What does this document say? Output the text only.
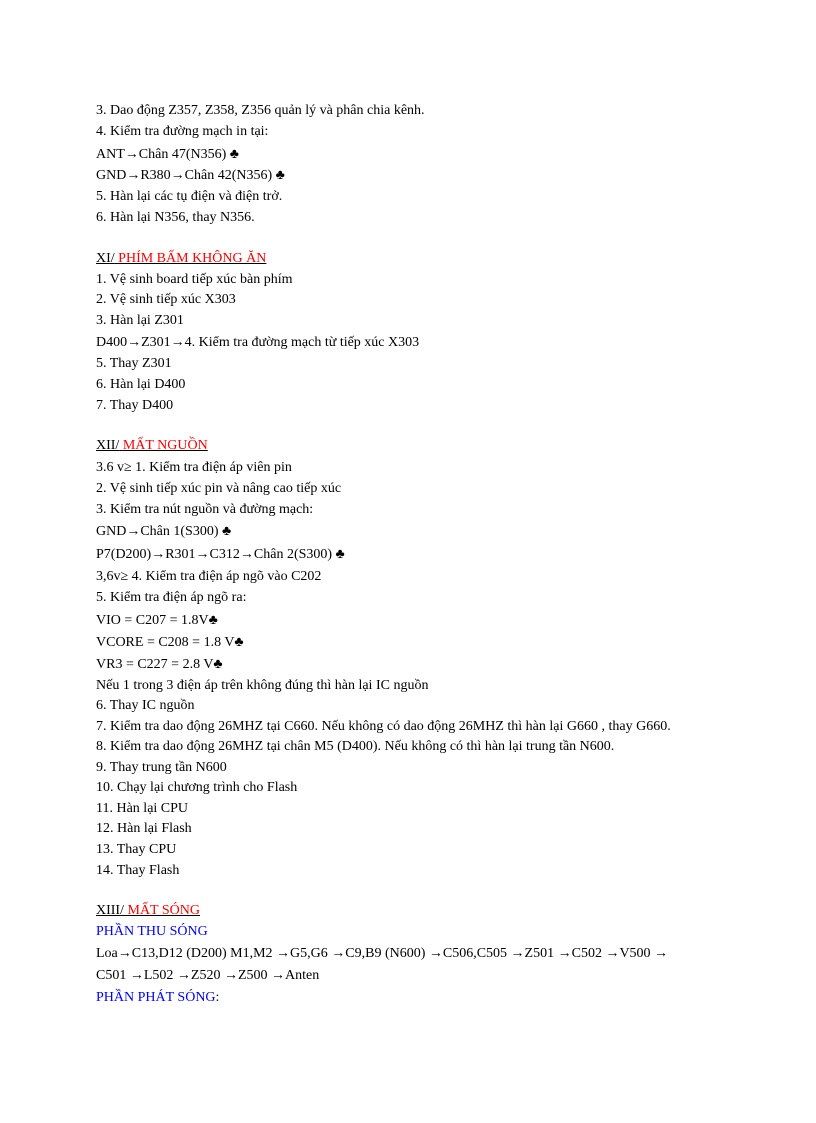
3. Dao động Z357, Z358, Z356 quản lý và phân chia kênh.
4. Kiểm tra đường mạch in tại:
ANT→Chân 47(N356) ♣
GND→R380→Chân 42(N356) ♣
5. Hàn lại các tụ điện và điện trở.
6. Hàn lại N356, thay N356.
XI/ PHÍM BẤM KHÔNG ĂN
1. Vệ sinh board tiếp xúc bàn phím
2. Vệ sinh tiếp xúc X303
3. Hàn lại Z301
D400→Z301→4. Kiểm tra đường mạch từ tiếp xúc X303
5. Thay Z301
6. Hàn lại D400
7. Thay D400
XII/ MẤT NGUỒN
3.6 v≥ 1. Kiểm tra điện áp viên pin
2. Vệ sinh tiếp xúc pin và nâng cao tiếp xúc
3. Kiểm tra nút nguồn và đường mạch:
GND→Chân 1(S300) ♣
P7(D200)→R301→C312→Chân 2(S300) ♣
3,6v≥ 4. Kiểm tra điện áp ngõ vào C202
5. Kiểm tra điện áp ngõ ra:
VIO = C207 = 1.8V♣
VCORE = C208 = 1.8 V♣
VR3 = C227 = 2.8 V♣
Nếu 1 trong 3 điện áp trên không đúng thì hàn lại IC nguồn
6. Thay IC nguồn
7. Kiểm tra dao động 26MHZ tại C660. Nếu không có dao động 26MHZ thì hàn lại G660 , thay G660.
8. Kiểm tra dao động 26MHZ tại chân M5 (D400). Nếu không có thì hàn lại trung tần N600.
9. Thay trung tần N600
10. Chạy lại chương trình cho Flash
11. Hàn lại CPU
12. Hàn lại Flash
13. Thay CPU
14. Thay Flash
XIII/ MẤT SÓNG
PHẦN THU SÓNG
Loa→C13,D12 (D200) M1,M2 →G5,G6 →C9,B9 (N600) →C506,C505 →Z501 →C502 →V500 →
C501 →L502 →Z520 →Z500 →Anten
PHẦN PHÁT SÓNG:
